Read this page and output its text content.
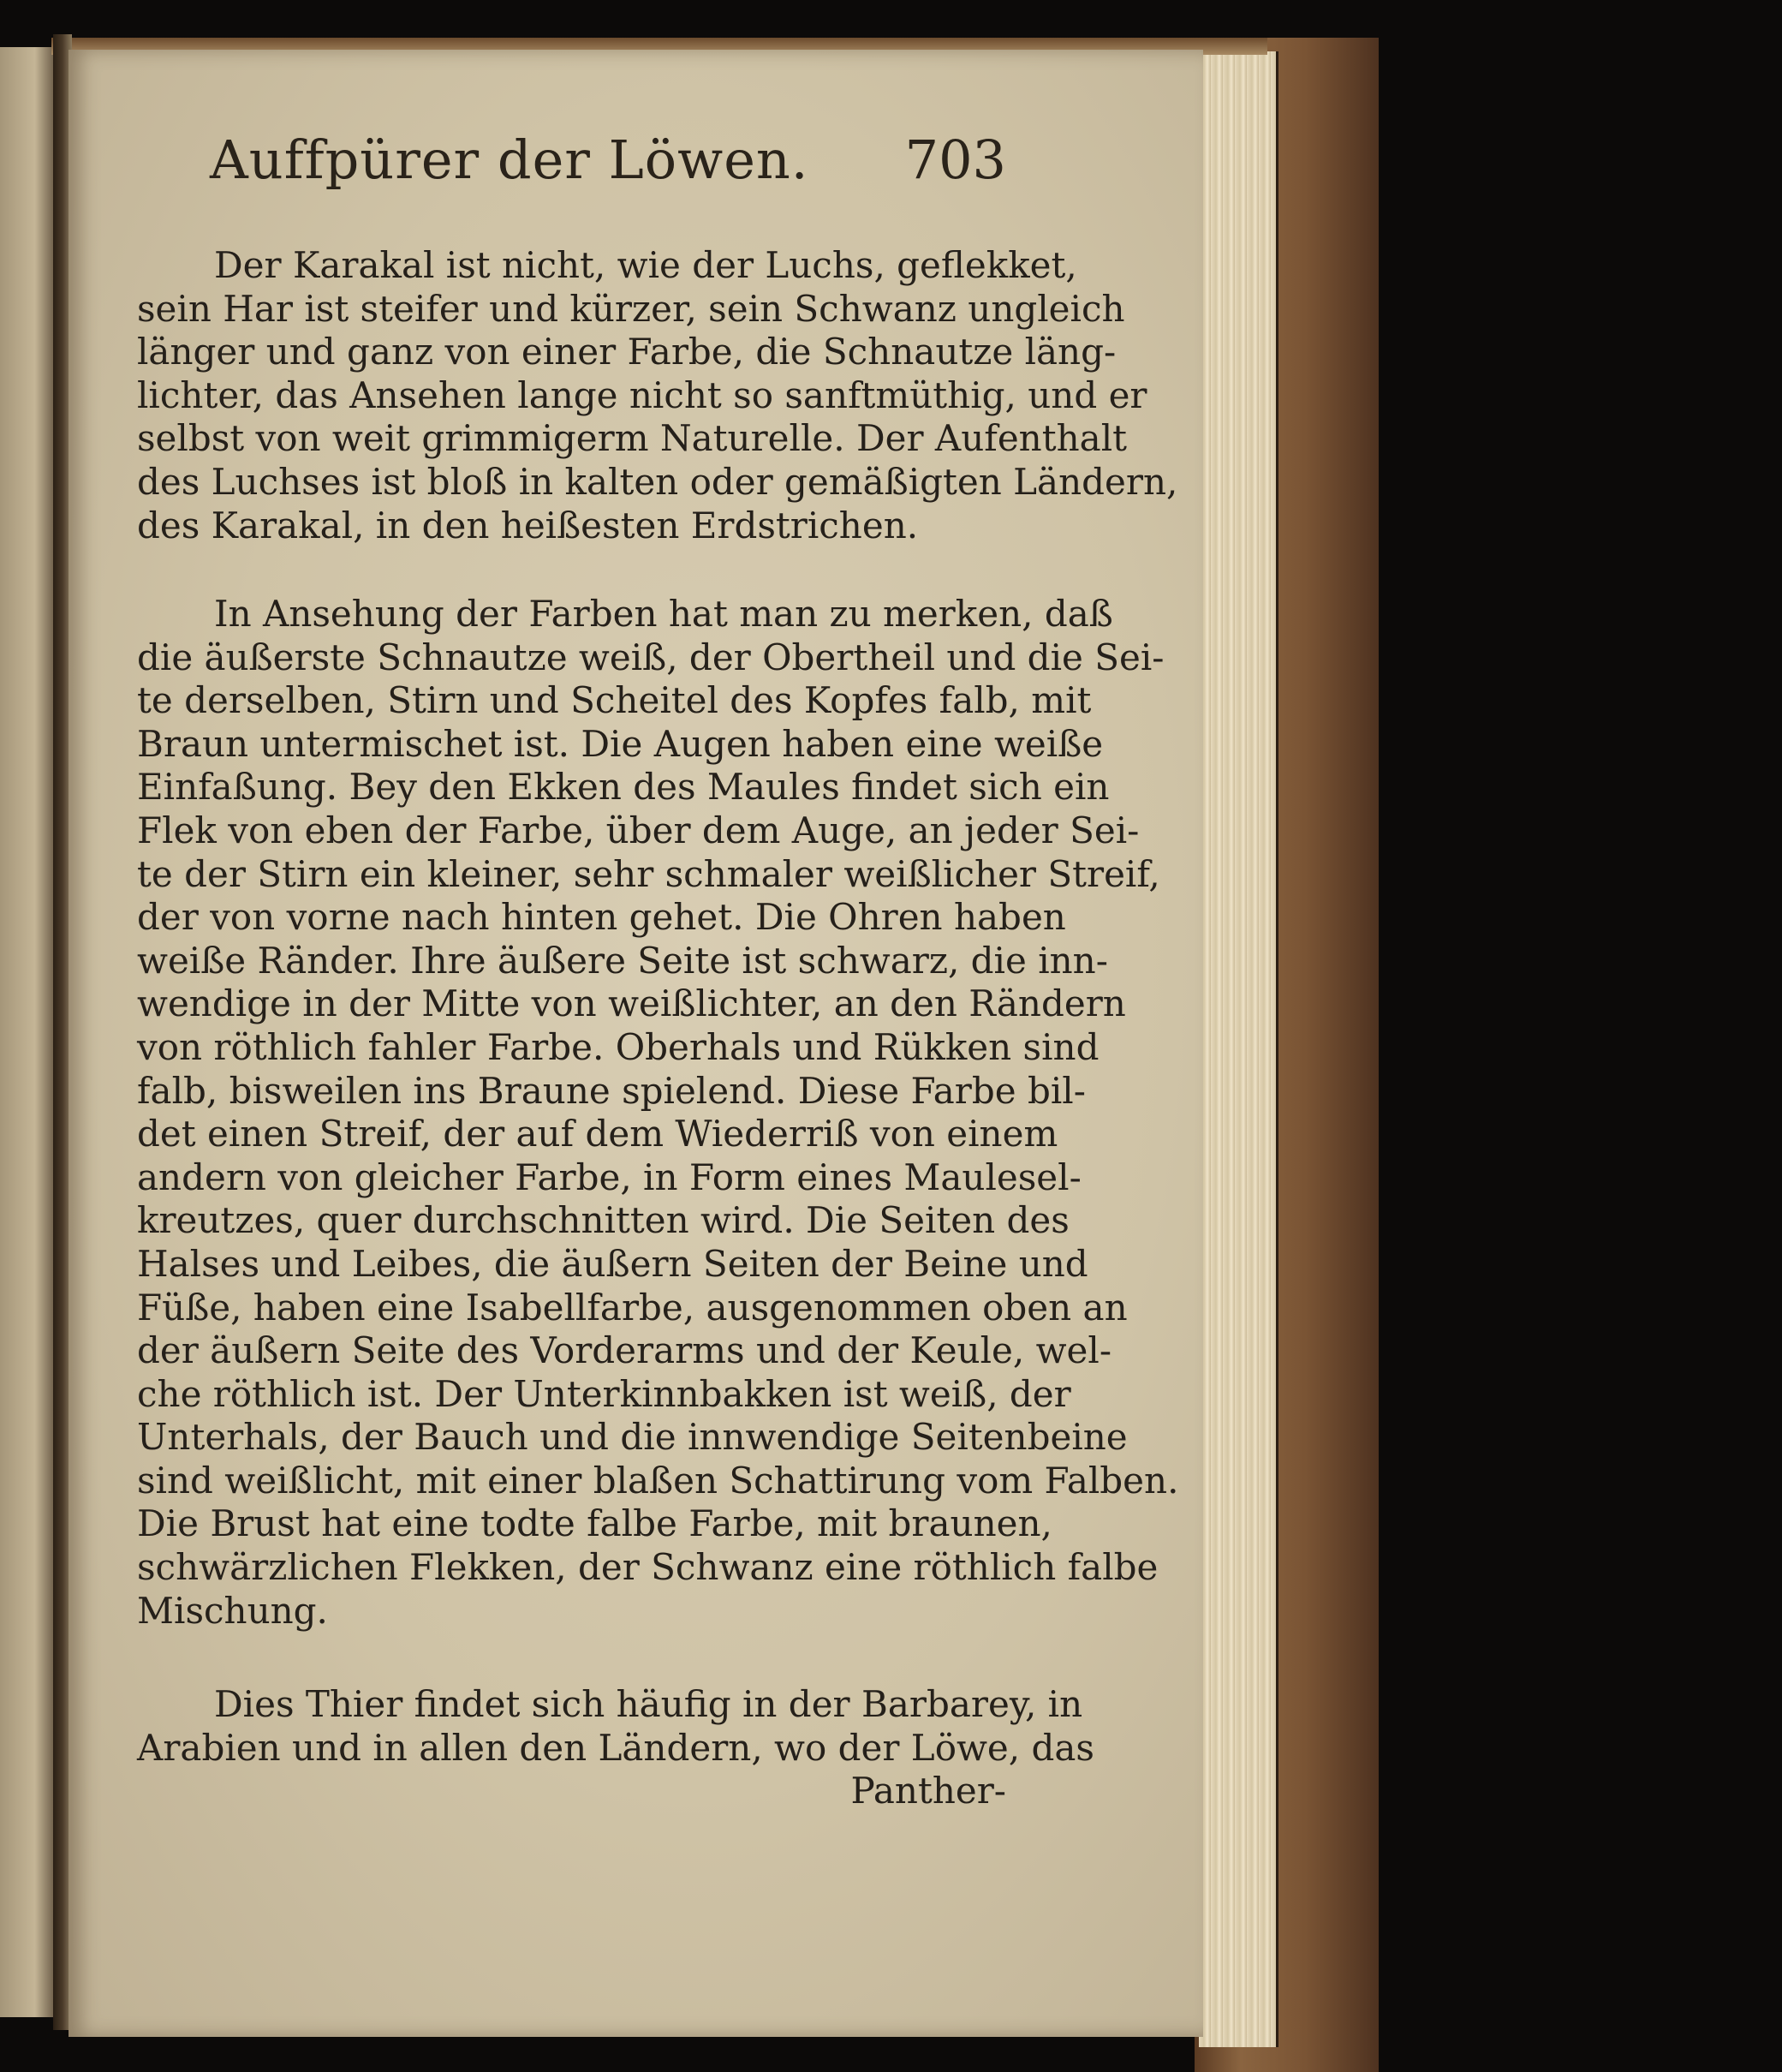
Auffpürer der Löwen. 703
Der Karakal ist nicht, wie der Luchs, geflekket,
sein Har ist steifer und kürzer, sein Schwanz ungleich
länger und ganz von einer Farbe, die Schnautze läng-
lichter, das Ansehen lange nicht so sanftmüthig, und er
selbst von weit grimmigerm Naturelle. Der Aufenthalt
des Luchses ist bloß in kalten oder gemäßigten Ländern,
des Karakal, in den heißesten Erdstrichen.
In Ansehung der Farben hat man zu merken, daß
die äußerste Schnautze weiß, der Obertheil und die Sei-
te derselben, Stirn und Scheitel des Kopfes falb, mit
Braun untermischet ist. Die Augen haben eine weiße
Einfaßung. Bey den Ekken des Maules findet sich ein
Flek von eben der Farbe, über dem Auge, an jeder Sei-
te der Stirn ein kleiner, sehr schmaler weißlicher Streif,
der von vorne nach hinten gehet. Die Ohren haben
weiße Ränder. Ihre äußere Seite ist schwarz, die inn-
wendige in der Mitte von weißlichter, an den Rändern
von röthlich fahler Farbe. Oberhals und Rükken sind
falb, bisweilen ins Braune spielend. Diese Farbe bil-
det einen Streif, der auf dem Wiederriß von einem
andern von gleicher Farbe, in Form eines Maulesel-
kreutzes, quer durchschnitten wird. Die Seiten des
Halses und Leibes, die äußern Seiten der Beine und
Füße, haben eine Isabellfarbe, ausgenommen oben an
der äußern Seite des Vorderarms und der Keule, wel-
che röthlich ist. Der Unterkinnbakken ist weiß, der
Unterhals, der Bauch und die innwendige Seitenbeine
sind weißlicht, mit einer blaßen Schattirung vom Falben.
Die Brust hat eine todte falbe Farbe, mit braunen,
schwärzlichen Flekken, der Schwanz eine röthlich falbe
Mischung.
Dies Thier findet sich häufig in der Barbarey, in
Arabien und in allen den Ländern, wo der Löwe, das
Panther-
